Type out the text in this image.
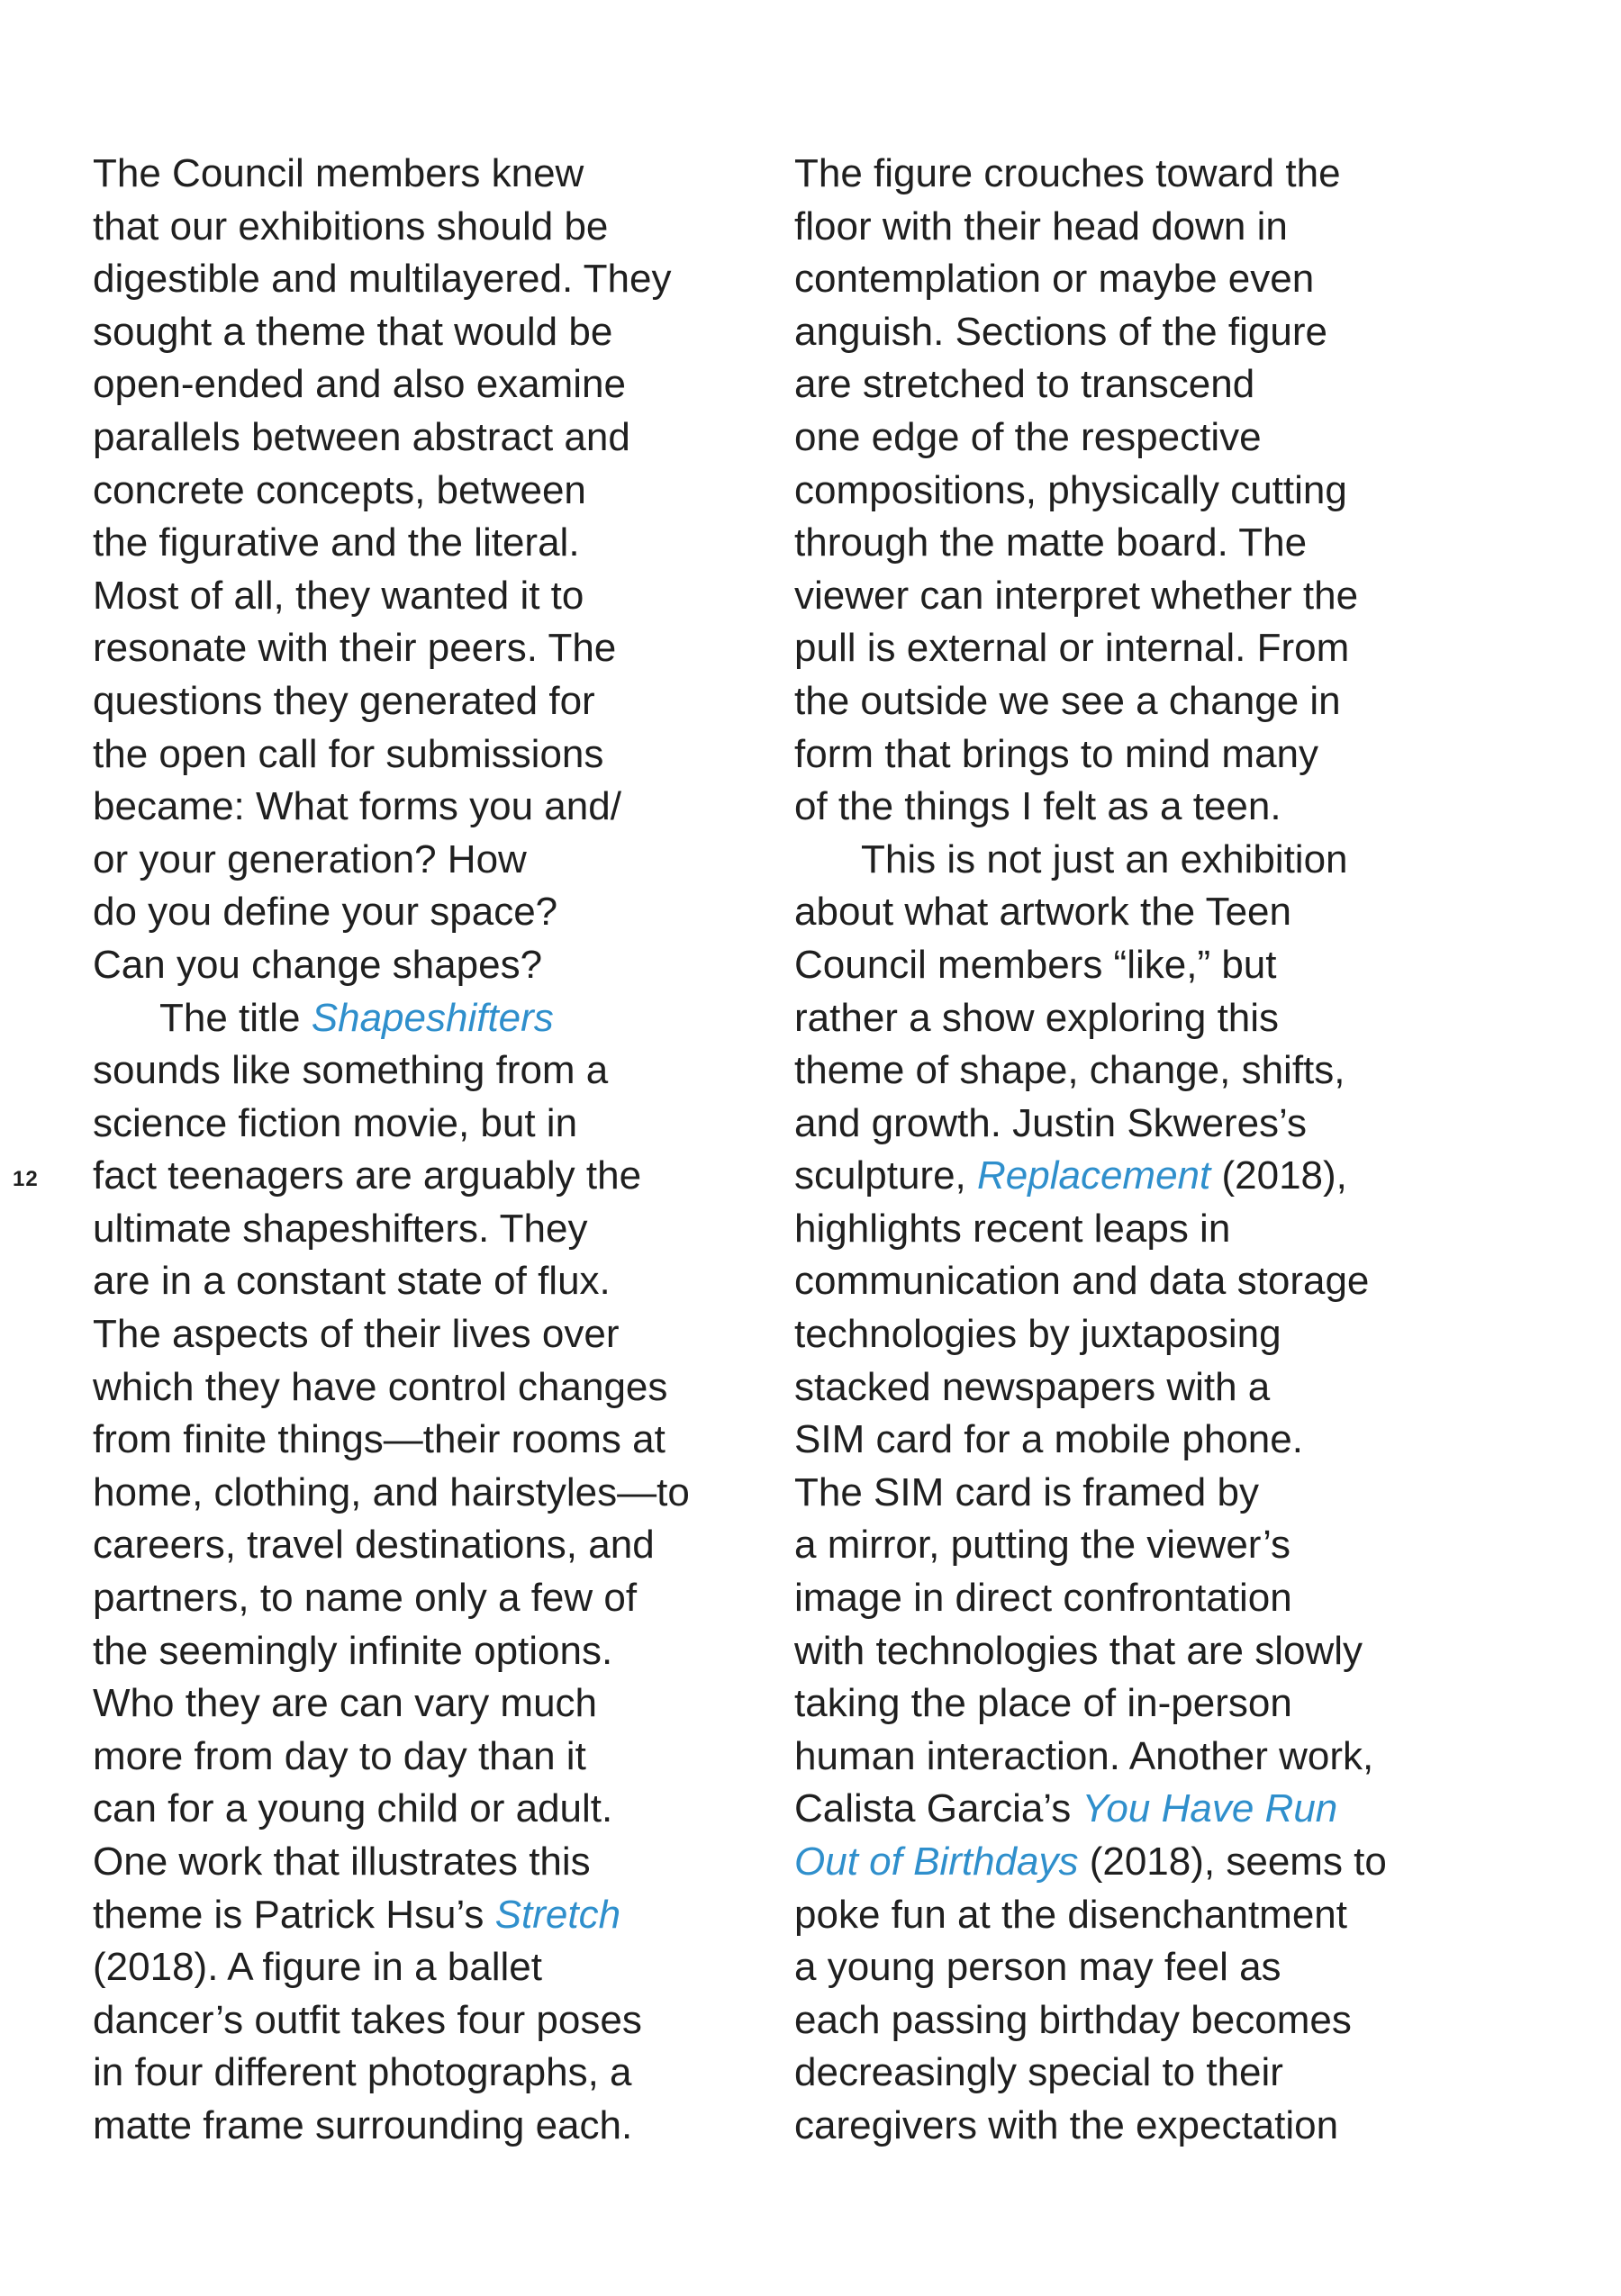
12
The Council members knew
that our exhibitions should be
digestible and multilayered. They
sought a theme that would be
open-ended and also examine
parallels between abstract and
concrete concepts, between
the figurative and the literal.
Most of all, they wanted it to
resonate with their peers. The
questions they generated for
the open call for submissions
became: What forms you and/
or your generation? How
do you define your space?
Can you change shapes?
The title Shapeshifters
sounds like something from a
science fiction movie, but in
fact teenagers are arguably the
ultimate shapeshifters. They
are in a constant state of flux.
The aspects of their lives over
which they have control changes
from finite things—their rooms at
home, clothing, and hairstyles—to
careers, travel destinations, and
partners, to name only a few of
the seemingly infinite options.
Who they are can vary much
more from day to day than it
can for a young child or adult.
One work that illustrates this
theme is Patrick Hsu’s Stretch
(2018). A figure in a ballet
dancer’s outfit takes four poses
in four different photographs, a
matte frame surrounding each.
The figure crouches toward the
floor with their head down in
contemplation or maybe even
anguish. Sections of the figure
are stretched to transcend
one edge of the respective
compositions, physically cutting
through the matte board. The
viewer can interpret whether the
pull is external or internal. From
the outside we see a change in
form that brings to mind many
of the things I felt as a teen.
This is not just an exhibition
about what artwork the Teen
Council members “like,” but
rather a show exploring this
theme of shape, change, shifts,
and growth. Justin Skweres’s
sculpture, Replacement (2018),
highlights recent leaps in
communication and data storage
technologies by juxtaposing
stacked newspapers with a
SIM card for a mobile phone.
The SIM card is framed by
a mirror, putting the viewer’s
image in direct confrontation
with technologies that are slowly
taking the place of in-person
human interaction. Another work,
Calista Garcia’s You Have Run
Out of Birthdays (2018), seems to
poke fun at the disenchantment
a young person may feel as
each passing birthday becomes
decreasingly special to their
caregivers with the expectation
